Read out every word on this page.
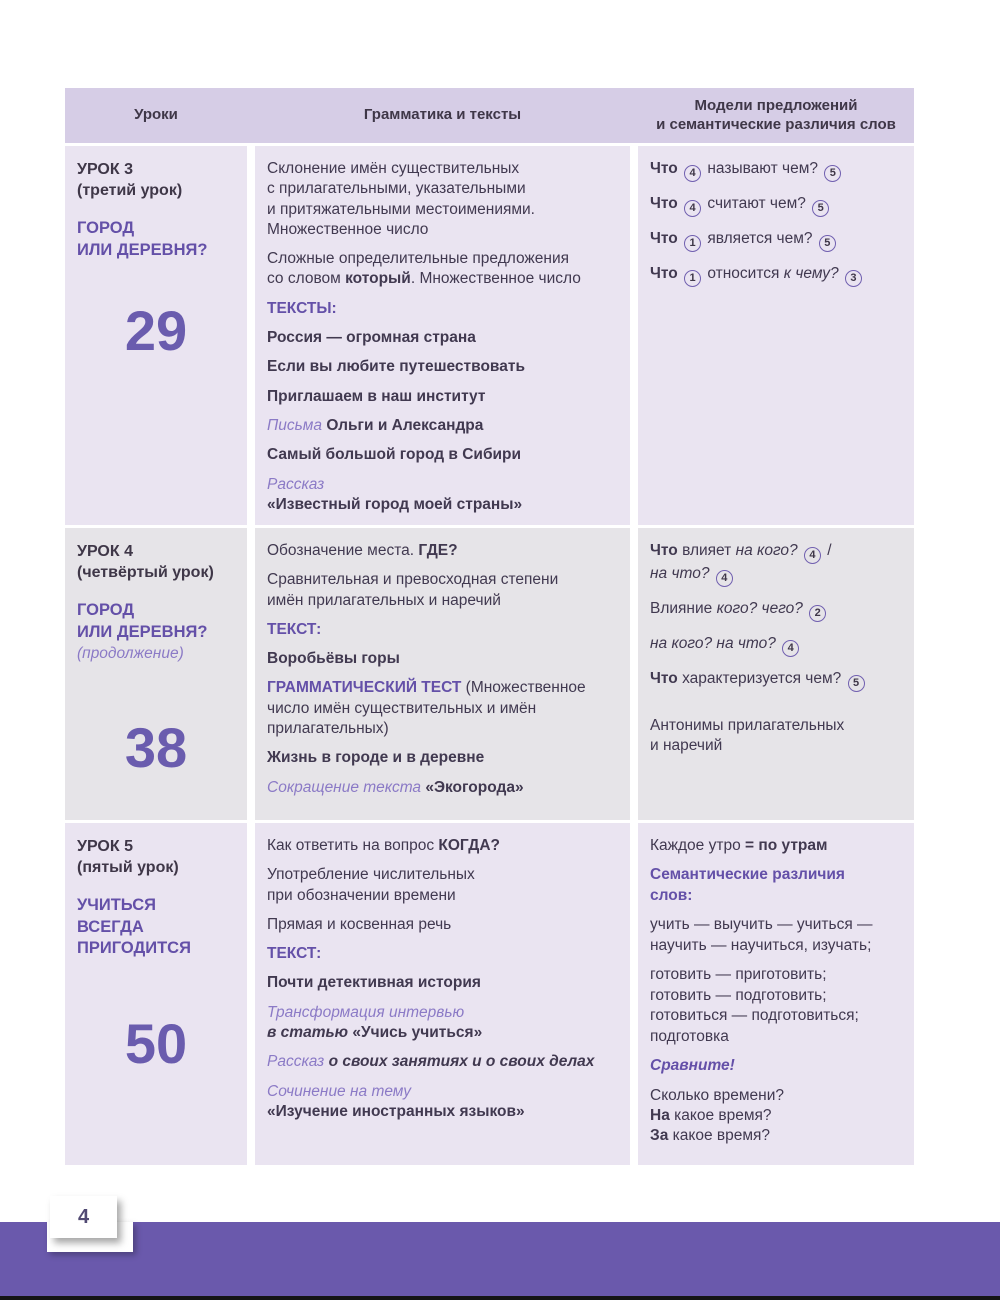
Уроки	Грамматика и тексты
Модели предложений
и семантические различия слов
УРОК 3
(третий урок)
ГОРОД
ИЛИ ДЕРЕВНЯ?
29

Склонение имён существительных
с прилагательными, указательными
и притяжательными местоимениями.
Множественное число

Сложные определительные предложения
со словом который. Множественное число

ТЕКСТЫ:

Россия — огромная страна

Если вы любите путешествовать

Приглашаем в наш институт

Письма Ольги и Александра

Самый большой город в Сибири

Рассказ
«Известный город моей страны»

Что 4 называют чем? 5

Что 4 считают чем? 5

Что 1 является чем? 5

Что 1 относится к чему? 3

УРОК 4
(четвёртый урок)
ГОРОД
ИЛИ ДЕРЕВНЯ?
(продолжение)
38

Обозначение места. ГДЕ?

Сравнительная и превосходная степени
имён прилагательных и наречий

ТЕКСТ:

Воробьёвы горы

ГРАММАТИЧЕСКИЙ ТЕСТ (Множественное
число имён существительных и имён
прилагательных)

Жизнь в городе и в деревне

Сокращение текста «Экогорода»

Что влияет на кого? 4 /
на что? 4

Влияние кого? чего? 2

на кого? на что? 4

Что характеризуется чем? 5

Антонимы прилагательных
и наречий

УРОК 5
(пятый урок)
УЧИТЬСЯ
ВСЕГДА
ПРИГОДИТСЯ
50

Как ответить на вопрос КОГДА?

Употребление числительных
при обозначении времени

Прямая и косвенная речь

ТЕКСТ:

Почти детективная история

Трансформация интервью
в статью «Учись учиться»

Рассказ о своих занятиях и о своих делах

Сочинение на тему
«Изучение иностранных языков»

Каждое утро = по утрам

Семантические различия
слов:

учить — выучить — учиться —
научить — научиться, изучать;

готовить — приготовить;
готовить — подготовить;
готовиться — подготовиться;
подготовка

Сравните!

Сколько времени?
На какое время?
За какое время?

4
